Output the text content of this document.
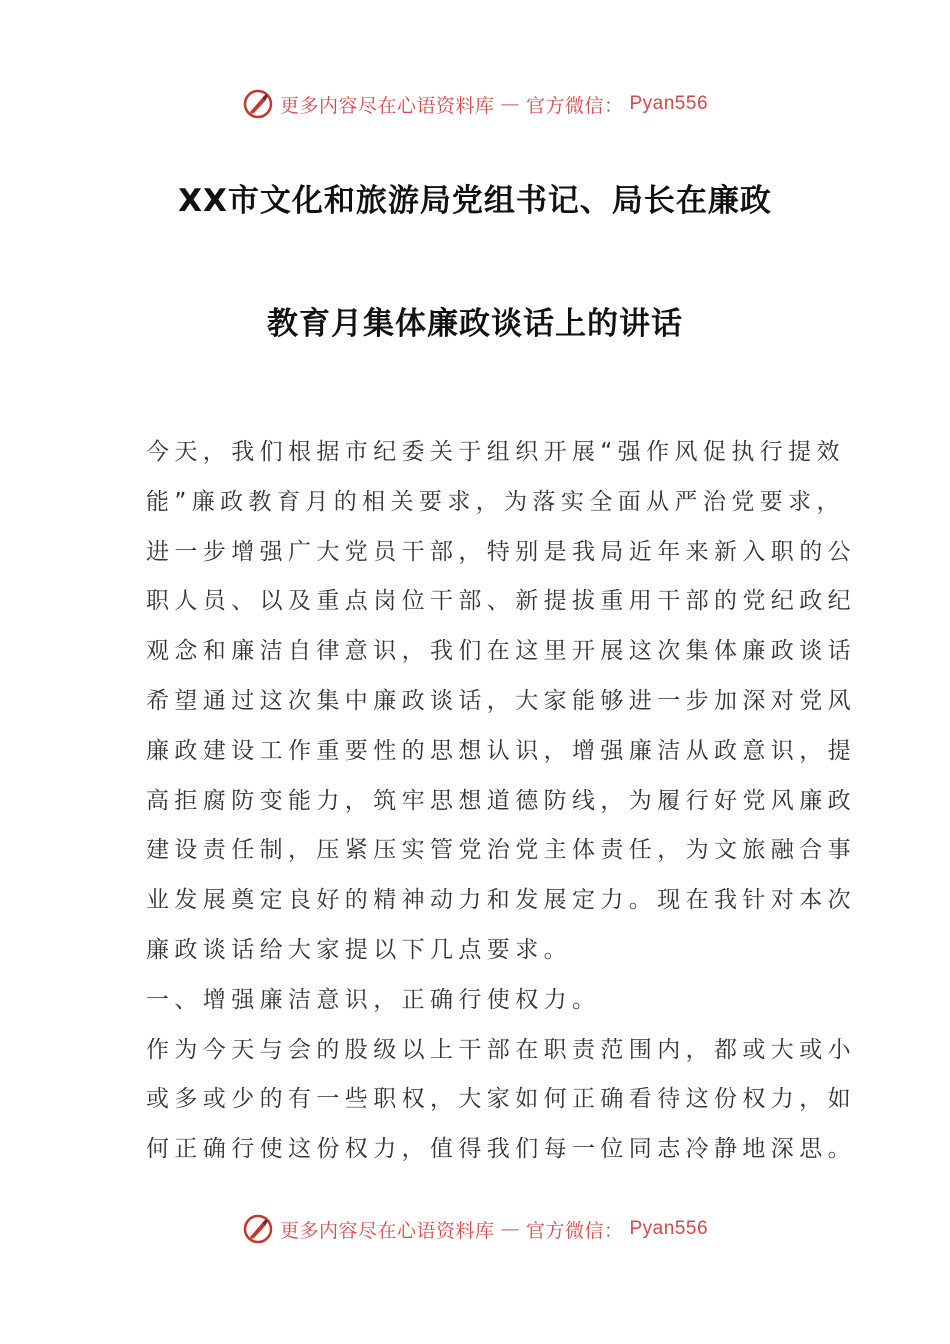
更多内容尽在心语资料库 — 官方微信： Pyan556
XX市文化和旅游局党组书记、局长在廉政
教育月集体廉政谈话上的讲话
今天，我们根据市纪委关于组织开展“强作风促执行提效
能”廉政教育月的相关要求，为落实全面从严治党要求，
进一步增强广大党员干部，特别是我局近年来新入职的公
职人员、以及重点岗位干部、新提拔重用干部的党纪政纪
观念和廉洁自律意识，我们在这里开展这次集体廉政谈话
希望通过这次集中廉政谈话，大家能够进一步加深对党风
廉政建设工作重要性的思想认识，增强廉洁从政意识，提
高拒腐防变能力，筑牢思想道德防线，为履行好党风廉政
建设责任制，压紧压实管党治党主体责任，为文旅融合事
业发展奠定良好的精神动力和发展定力。现在我针对本次
廉政谈话给大家提以下几点要求。
一、增强廉洁意识，正确行使权力。
作为今天与会的股级以上干部在职责范围内，都或大或小
或多或少的有一些职权，大家如何正确看待这份权力，如
何正确行使这份权力，值得我们每一位同志冷静地深思。
更多内容尽在心语资料库 — 官方微信： Pyan556
